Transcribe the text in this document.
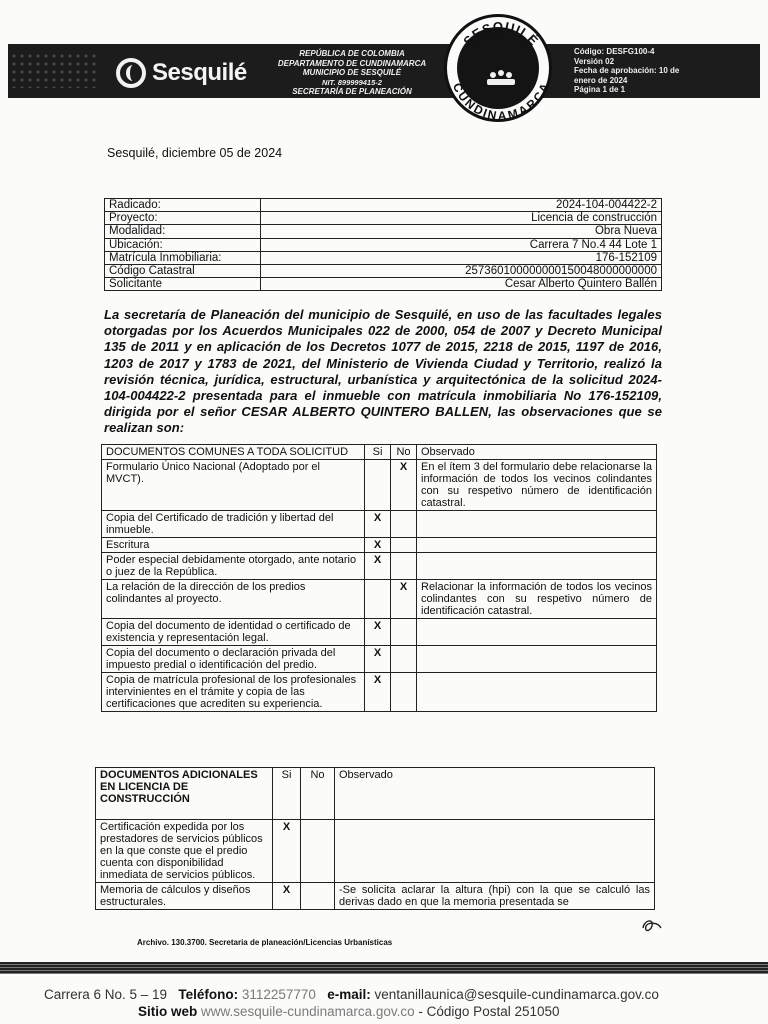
Sesquilé
REPÚBLICA DE COLOMBIA
DEPARTAMENTO DE CUNDINAMARCA
MUNICIPIO DE SESQUILÉ
NIT. 899999415-2
SECRETARÍA DE PLANEACIÓN
SESQUILÉ
CUNDINAMARCA
Código: DESFG100-4
Versión 02
Fecha de aprobación: 10 de
enero de 2024
Página 1 de 1
Sesquilé, diciembre 05 de 2024
Radicado:	2024-104-004422-2
Proyecto:	Licencia de construcción
Modalidad:	Obra Nueva
Ubicación:	Carrera 7 No.4 44 Lote 1
Matrícula Inmobiliaria:	176-152109
Código Catastral	257360100000000150048000000000
Solicitante	Cesar Alberto Quintero Ballén

La secretaría de Planeación del municipio de Sesquilé, en uso de las facultades legales otorgadas por los Acuerdos Municipales 022 de 2000, 054 de 2007 y Decreto Municipal 135 de 2011 y en aplicación de los Decretos 1077 de 2015, 2218 de 2015, 1197 de 2016, 1203 de 2017 y 1783 de 2021, del Ministerio de Vivienda Ciudad y Territorio, realizó la revisión técnica, jurídica, estructural, urbanística y arquitectónica de la solicitud 2024-104-004422-2 presentada para el inmueble con matrícula inmobiliaria No 176-152109, dirigida por el señor CESAR ALBERTO QUINTERO BALLEN, las observaciones que se realizan son:

DOCUMENTOS COMUNES A TODA SOLICITUD	Si	No	Observado
Formulario Único Nacional (Adoptado por el MVCT).		X	En el ítem 3 del formulario debe relacionarse la información de todos los vecinos colindantes con su respetivo número de identificación catastral.
Copia del Certificado de tradición y libertad del inmueble.	X		
Escritura	X		
Poder especial debidamente otorgado, ante notario o juez de la República.	X		
La relación de la dirección de los predios colindantes al proyecto.		X	Relacionar la información de todos los vecinos colindantes con su respetivo número de identificación catastral.
Copia del documento de identidad o certificado de existencia y representación legal.	X		
Copia del documento o declaración privada del impuesto predial o identificación del predio.	X		
Copia de matrícula profesional de los profesionales intervinientes en el trámite y copia de las certificaciones que acrediten su experiencia.	X		
DOCUMENTOS ADICIONALES EN LICENCIA DE CONSTRUCCIÓN	Si	No	Observado
Certificación expedida por los prestadores de servicios públicos en la que conste que el predio cuenta con disponibilidad inmediata de servicios públicos.	X		
Memoria de cálculos y diseños estructurales.	X		-Se solicita aclarar la altura (hpi) con la que se calculó las derivas dado en que la memoria presentada se
Archivo. 130.3700. Secretaria de planeación/Licencias Urbanísticas
Carrera 6 No. 5 – 19 Teléfono: 3112257770 e-mail: ventanillaunica@sesquile-cundinamarca.gov.co
Sitio web www.sesquile-cundinamarca.gov.co - Código Postal 251050
